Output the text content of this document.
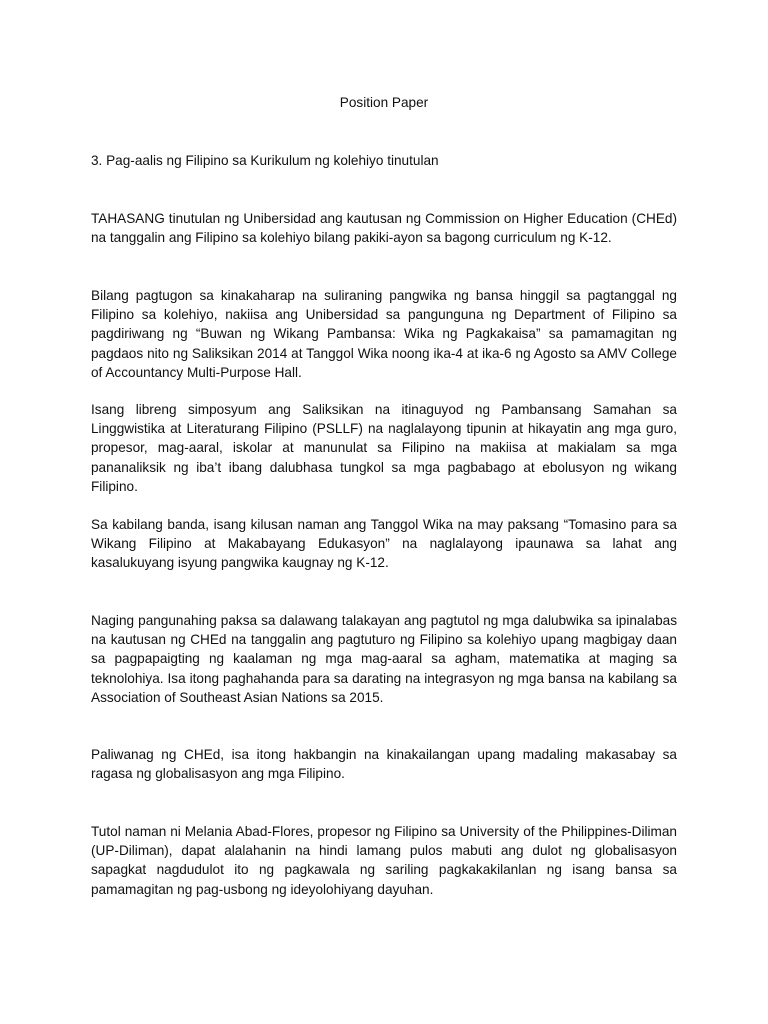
Position Paper
3. Pag-aalis ng Filipino sa Kurikulum ng kolehiyo tinutulan

TAHASANG tinutulan ng Unibersidad ang kautusan ng Commission on Higher Education (CHEd) na tanggalin ang Filipino sa kolehiyo bilang pakiki-ayon sa bagong curriculum ng K-12.

Bilang pagtugon sa kinakaharap na suliraning pangwika ng bansa hinggil sa pagtanggal ng Filipino sa kolehiyo, nakiisa ang Unibersidad sa pangunguna ng Department of Filipino sa pagdiriwang ng “Buwan ng Wikang Pambansa: Wika ng Pagkakaisa” sa pamamagitan ng pagdaos nito ng Saliksikan 2014 at Tanggol Wika noong ika-4 at ika-6 ng Agosto sa AMV College of Accountancy Multi-Purpose Hall.

Isang libreng simposyum ang Saliksikan na itinaguyod ng Pambansang Samahan sa Linggwistika at Literaturang Filipino (PSLLF) na naglalayong tipunin at hikayatin ang mga guro, propesor, mag-aaral, iskolar at manunulat sa Filipino na makiisa at makialam sa mga pananaliksik ng iba’t ibang dalubhasa tungkol sa mga pagbabago at ebolusyon ng wikang Filipino.

Sa kabilang banda, isang kilusan naman ang Tanggol Wika na may paksang “Tomasino para sa Wikang Filipino at Makabayang Edukasyon” na naglalayong ipaunawa sa lahat ang kasalukuyang isyung pangwika kaugnay ng K-12.

Naging pangunahing paksa sa dalawang talakayan ang pagtutol ng mga dalubwika sa ipinalabas na kautusan ng CHEd na tanggalin ang pagtuturo ng Filipino sa kolehiyo upang magbigay daan sa pagpapaigting ng kaalaman ng mga mag-aaral sa agham, matematika at maging sa teknolohiya. Isa itong paghahanda para sa darating na integrasyon ng mga bansa na kabilang sa Association of Southeast Asian Nations sa 2015.

Paliwanag ng CHEd, isa itong hakbangin na kinakailangan upang madaling makasabay sa ragasa ng globalisasyon ang mga Filipino.

Tutol naman ni Melania Abad-Flores, propesor ng Filipino sa University of the Philippines-Diliman (UP-Diliman), dapat alalahanin na hindi lamang pulos mabuti ang dulot ng globalisasyon sapagkat nagdudulot ito ng pagkawala ng sariling pagkakakilanlan ng isang bansa sa pamamagitan ng pag-usbong ng ideyolohiyang dayuhan.
